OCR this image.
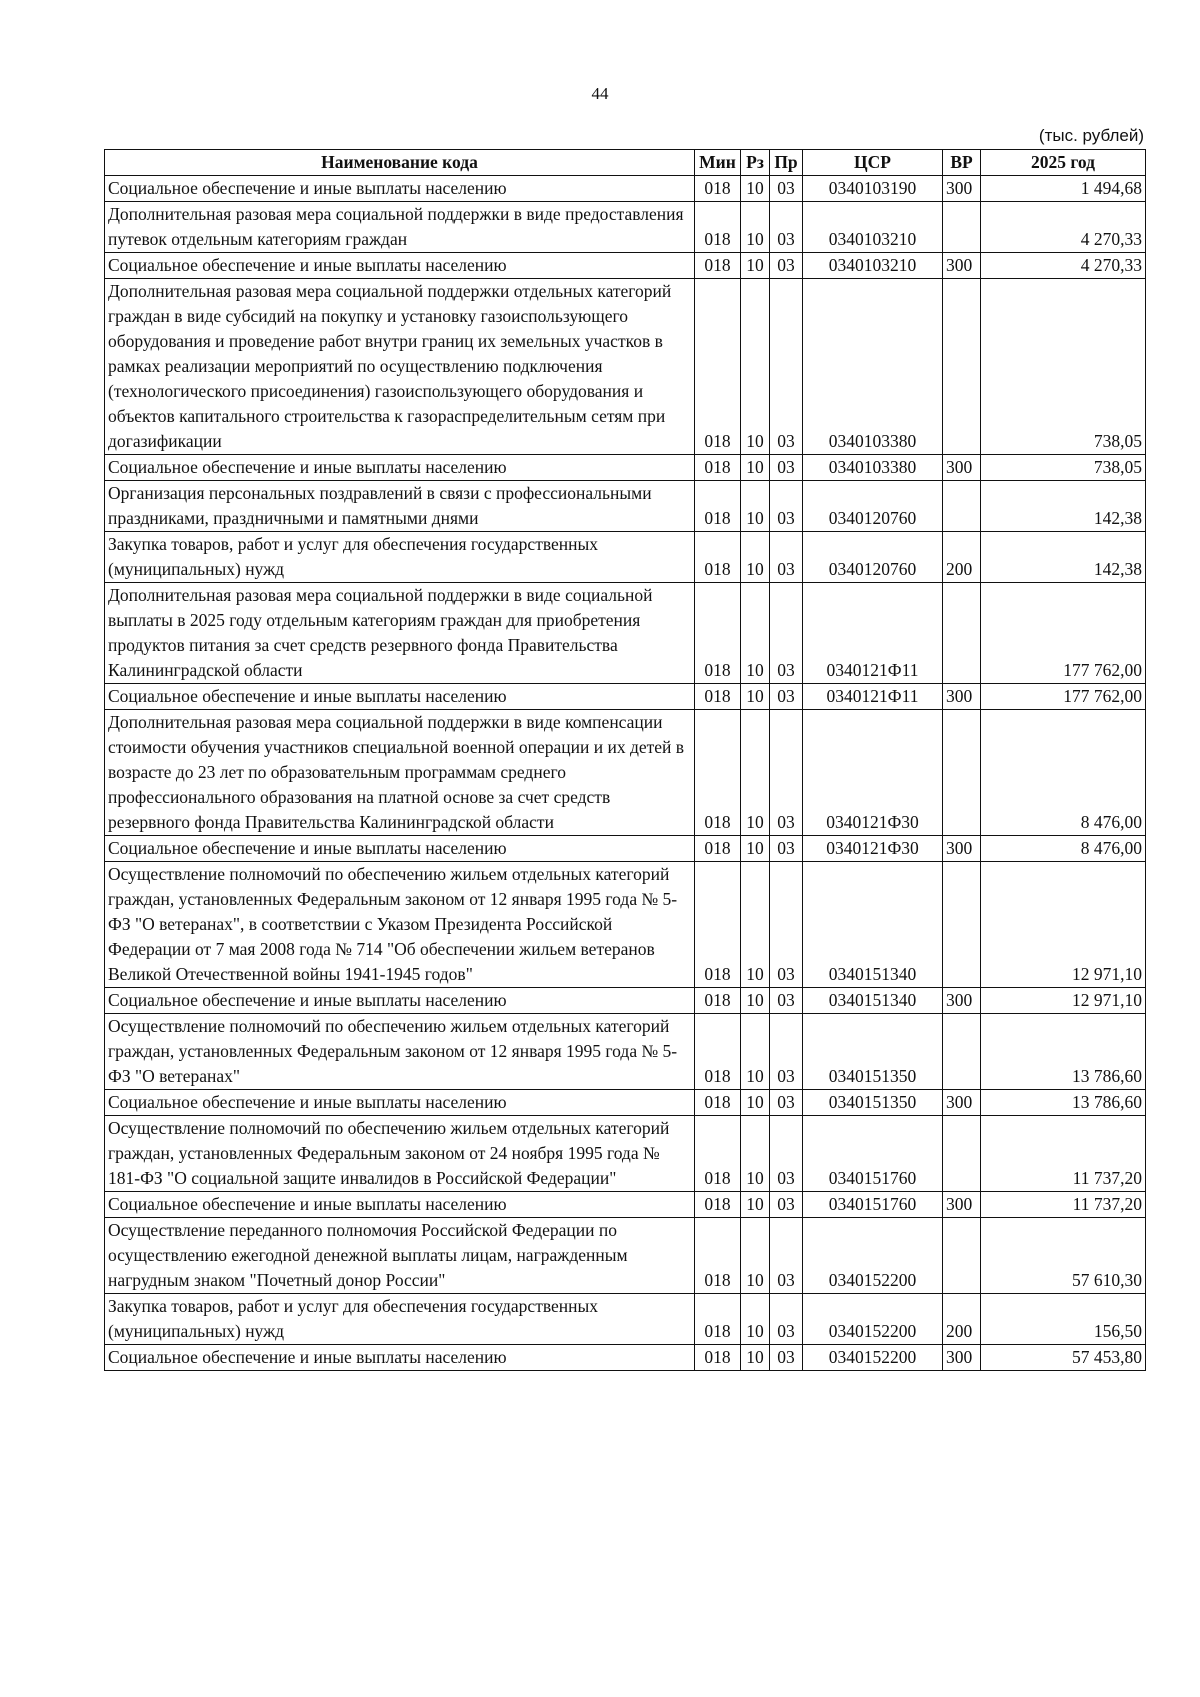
44
(тыс. рублей)
Наименование кода	Мин	Рз	Пр	ЦСР	ВР	2025 год
Социальное обеспечение и иные выплаты населению	018	10	03	0340103190	300	1 494,68
Дополнительная разовая мера социальной поддержки в виде предоставления путевок отдельным категориям граждан	018	10	03	0340103210		4 270,33
Социальное обеспечение и иные выплаты населению	018	10	03	0340103210	300	4 270,33
Дополнительная разовая мера социальной поддержки отдельных категорий граждан в виде субсидий на покупку и установку газоиспользующего оборудования и проведение работ внутри границ их земельных участков в рамках реализации мероприятий по осуществлению подключения (технологического присоединения) газоиспользующего оборудования и объектов капитального строительства к газораспределительным сетям при догазификации	018	10	03	0340103380		738,05
Социальное обеспечение и иные выплаты населению	018	10	03	0340103380	300	738,05
Организация персональных поздравлений в связи с профессиональными праздниками, праздничными и памятными днями	018	10	03	0340120760		142,38
Закупка товаров, работ и услуг для обеспечения государственных (муниципальных) нужд	018	10	03	0340120760	200	142,38
Дополнительная разовая мера социальной поддержки в виде социальной выплаты в 2025 году отдельным категориям граждан для приобретения продуктов питания за счет средств резервного фонда Правительства Калининградской области	018	10	03	0340121Ф11		177 762,00
Социальное обеспечение и иные выплаты населению	018	10	03	0340121Ф11	300	177 762,00
Дополнительная разовая мера социальной поддержки в виде компенсации стоимости обучения участников специальной военной операции и их детей в возрасте до 23 лет по образовательным программам среднего профессионального образования на платной основе за счет средств резервного фонда Правительства Калининградской области	018	10	03	0340121Ф30		8 476,00
Социальное обеспечение и иные выплаты населению	018	10	03	0340121Ф30	300	8 476,00
Осуществление полномочий по обеспечению жильем отдельных категорий граждан, установленных Федеральным законом от 12 января 1995 года № 5-ФЗ "О ветеранах", в соответствии с Указом Президента Российской Федерации от 7 мая 2008 года № 714 "Об обеспечении жильем ветеранов Великой Отечественной войны 1941-1945 годов"	018	10	03	0340151340		12 971,10
Социальное обеспечение и иные выплаты населению	018	10	03	0340151340	300	12 971,10
Осуществление полномочий по обеспечению жильем отдельных категорий граждан, установленных Федеральным законом от 12 января 1995 года № 5-ФЗ "О ветеранах"	018	10	03	0340151350		13 786,60
Социальное обеспечение и иные выплаты населению	018	10	03	0340151350	300	13 786,60
Осуществление полномочий по обеспечению жильем отдельных категорий граждан, установленных Федеральным законом от 24 ноября 1995 года № 181-ФЗ "О социальной защите инвалидов в Российской Федерации"	018	10	03	0340151760		11 737,20
Социальное обеспечение и иные выплаты населению	018	10	03	0340151760	300	11 737,20
Осуществление переданного полномочия Российской Федерации по осуществлению ежегодной денежной выплаты лицам, награжденным нагрудным знаком "Почетный донор России"	018	10	03	0340152200		57 610,30
Закупка товаров, работ и услуг для обеспечения государственных (муниципальных) нужд	018	10	03	0340152200	200	156,50
Социальное обеспечение и иные выплаты населению	018	10	03	0340152200	300	57 453,80
